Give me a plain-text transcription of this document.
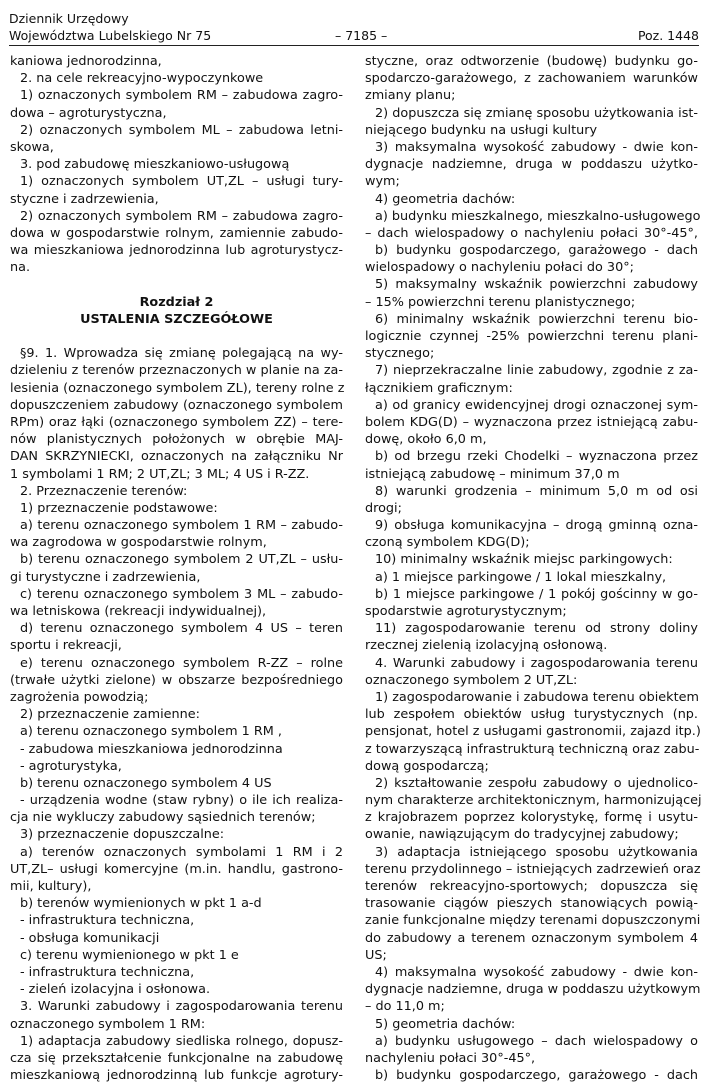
Dziennik Urzędowy
Województwa Lubelskiego Nr 75	– 7185 –	Poz. 1448
kaniowa jednorodzinna,
2. na cele rekreacyjno-wypoczynkowe
1) oznaczonych symbolem RM – zabudowa zagro-
dowa – agroturystyczna,
2) oznaczonych symbolem ML – zabudowa letni-
skowa,
3. pod zabudowę mieszkaniowo-usługową
1) oznaczonych symbolem UT,ZL – usługi tury-
styczne i zadrzewienia,
2) oznaczonych symbolem RM – zabudowa zagro-
dowa w gospodarstwie rolnym, zamiennie zabudo-
wa mieszkaniowa jednorodzinna lub agroturystycz-
na.
Rozdział 2
USTALENIA SZCZEGÓŁOWE
§9. 1. Wprowadza się zmianę polegającą na wy-
dzieleniu z terenów przeznaczonych w planie na za-
lesienia (oznaczonego symbolem ZL), tereny rolne z
dopuszczeniem zabudowy (oznaczonego symbolem
RPm) oraz łąki (oznaczonego symbolem ZZ) – tere-
nów planistycznych położonych w obrębie MAJ-
DAN SKRZYNIECKI, oznaczonych na załączniku Nr
1 symbolami 1 RM; 2 UT,ZL; 3 ML; 4 US i R-ZZ.
2. Przeznaczenie terenów:
1) przeznaczenie podstawowe:
a) terenu oznaczonego symbolem 1 RM – zabudo-
wa zagrodowa w gospodarstwie rolnym,
b) terenu oznaczonego symbolem 2 UT,ZL – usłu-
gi turystyczne i zadrzewienia,
c) terenu oznaczonego symbolem 3 ML – zabudo-
wa letniskowa (rekreacji indywidualnej),
d) terenu oznaczonego symbolem 4 US – teren
sportu i rekreacji,
e) terenu oznaczonego symbolem R-ZZ – rolne
(trwałe użytki zielone) w obszarze bezpośredniego
zagrożenia powodzią;
2) przeznaczenie zamienne:
a) terenu oznaczonego symbolem 1 RM ,
- zabudowa mieszkaniowa jednorodzinna
- agroturystyka,
b) terenu oznaczonego symbolem 4 US
- urządzenia wodne (staw rybny) o ile ich realiza-
cja nie wykluczy zabudowy sąsiednich terenów;
3) przeznaczenie dopuszczalne:
a) terenów oznaczonych symbolami 1 RM i 2
UT,ZL– usługi komercyjne (m.in. handlu, gastrono-
mii, kultury),
b) terenów wymienionych w pkt 1 a-d
- infrastruktura techniczna,
- obsługa komunikacji
c) terenu wymienionego w pkt 1 e
- infrastruktura techniczna,
- zieleń izolacyjna i osłonowa.
3. Warunki zabudowy i zagospodarowania terenu
oznaczonego symbolem 1 RM:
1) adaptacja zabudowy siedliska rolnego, dopusz-
cza się przekształcenie funkcjonalne na zabudowę
mieszkaniową jednorodzinną lub funkcje agrotury-
styczne, oraz odtworzenie (budowę) budynku go-
spodarczo-garażowego, z zachowaniem warunków
zmiany planu;
2) dopuszcza się zmianę sposobu użytkowania ist-
niejącego budynku na usługi kultury
3) maksymalna wysokość zabudowy - dwie kon-
dygnacje nadziemne, druga w poddaszu użytko-
wym;
4) geometria dachów:
a) budynku mieszkalnego, mieszkalno-usługowego
– dach wielospadowy o nachyleniu połaci 30°-45°,
b) budynku gospodarczego, garażowego - dach
wielospadowy o nachyleniu połaci do 30°;
5) maksymalny wskaźnik powierzchni zabudowy
– 15% powierzchni terenu planistycznego;
6) minimalny wskaźnik powierzchni terenu bio-
logicznie czynnej -25% powierzchni terenu plani-
stycznego;
7) nieprzekraczalne linie zabudowy, zgodnie z za-
łącznikiem graficznym:
a) od granicy ewidencyjnej drogi oznaczonej sym-
bolem KDG(D) – wyznaczona przez istniejącą zabu-
dowę, około 6,0 m,
b) od brzegu rzeki Chodelki – wyznaczona przez
istniejącą zabudowę – minimum 37,0 m
8) warunki grodzenia – minimum 5,0 m od osi
drogi;
9) obsługa komunikacyjna – drogą gminną ozna-
czoną symbolem KDG(D);
10) minimalny wskaźnik miejsc parkingowych:
a) 1 miejsce parkingowe / 1 lokal mieszkalny,
b) 1 miejsce parkingowe / 1 pokój gościnny w go-
spodarstwie agroturystycznym;
11) zagospodarowanie terenu od strony doliny
rzecznej zielenią izolacyjną osłonową.
4. Warunki zabudowy i zagospodarowania terenu
oznaczonego symbolem 2 UT,ZL:
1) zagospodarowanie i zabudowa terenu obiektem
lub zespołem obiektów usług turystycznych (np.
pensjonat, hotel z usługami gastronomii, zajazd itp.)
z towarzyszącą infrastrukturą techniczną oraz zabu-
dową gospodarczą;
2) kształtowanie zespołu zabudowy o ujednolico-
nym charakterze architektonicznym, harmonizującej
z krajobrazem poprzez kolorystykę, formę i usytu-
owanie, nawiązującym do tradycyjnej zabudowy;
3) adaptacja istniejącego sposobu użytkowania
terenu przydolinnego – istniejących zadrzewień oraz
terenów rekreacyjno-sportowych; dopuszcza się
trasowanie ciągów pieszych stanowiących powią-
zanie funkcjonalne między terenami dopuszczonymi
do zabudowy a terenem oznaczonym symbolem 4
US;
4) maksymalna wysokość zabudowy - dwie kon-
dygnacje nadziemne, druga w poddaszu użytkowym
– do 11,0 m;
5) geometria dachów:
a) budynku usługowego – dach wielospadowy o
nachyleniu połaci 30°-45°,
b) budynku gospodarczego, garażowego - dach
